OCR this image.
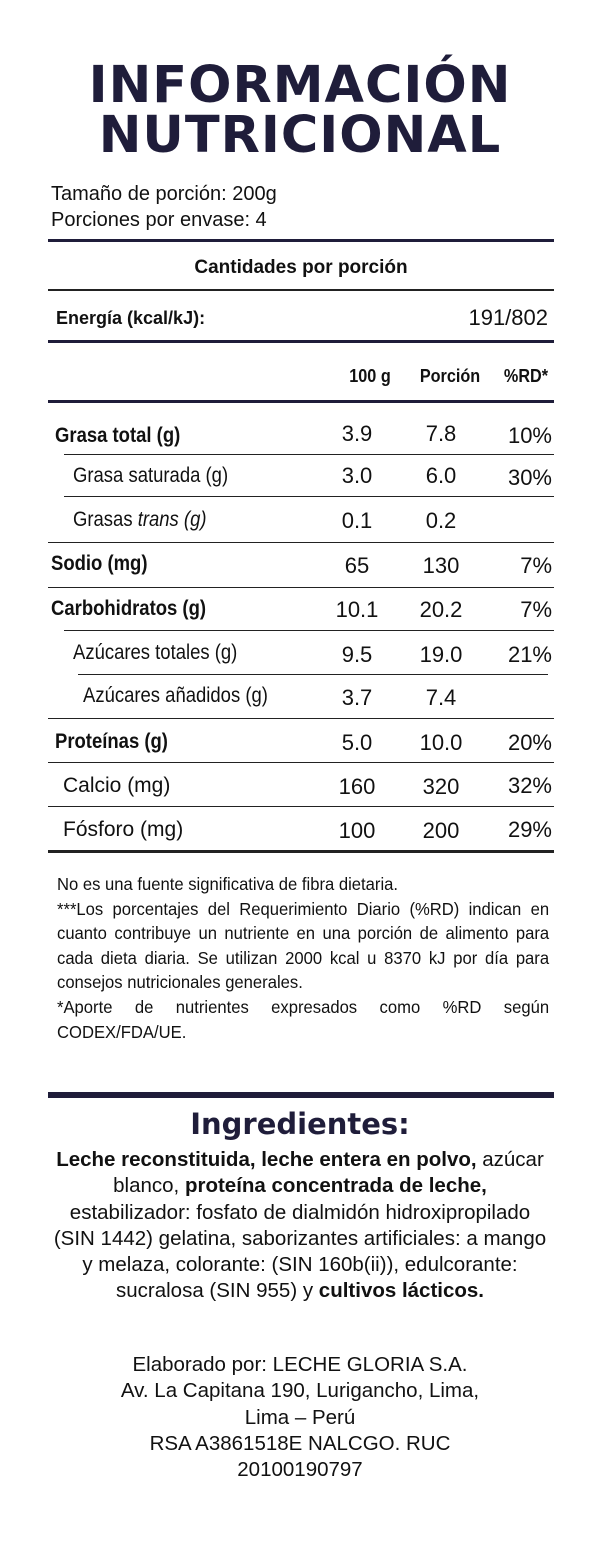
INFORMACIÓN
NUTRICIONAL
Tamaño de porción: 200g
Porciones por envase: 4
Cantidades por porción
Energía (kcal/kJ):	191/802
100 g Porción %RD*
Grasa total (g)	3.9	7.8	10%
Grasa saturada (g)	3.0	6.0	30%
Grasas trans (g)	0.1	0.2
Sodio (mg)	65	130	7%
Carbohidratos (g)	10.1	20.2	7%
Azúcares totales (g)	9.5	19.0	21%
Azúcares añadidos (g)	3.7	7.4
Proteínas (g)	5.0	10.0	20%
Calcio (mg)	160	320	32%
Fósforo (mg)	100	200	29%

No es una fuente significativa de fibra dietaria.

***Los porcentajes del Requerimiento Diario (%RD) indican en cuanto contribuye un nutriente en una porción de alimento para cada dieta diaria. Se utilizan 2000 kcal u 8370 kJ por día para consejos nutricionales generales.

*Aporte de nutrientes expresados como %RD según CODEX/FDA/UE.

Ingredientes:
Leche reconstituida, leche entera en polvo, azúcar blanco, proteína concentrada de leche, estabilizador: fosfato de dialmidón hidroxipropilado (SIN 1442) gelatina, saborizantes artificiales: a mango y melaza, colorante: (SIN 160b(ii)), edulcorante: sucralosa (SIN 955) y cultivos lácticos.
Elaborado por: LECHE GLORIA S.A.
Av. La Capitana 190, Lurigancho, Lima,
Lima – Perú
RSA A3861518E NALCGO. RUC
20100190797
